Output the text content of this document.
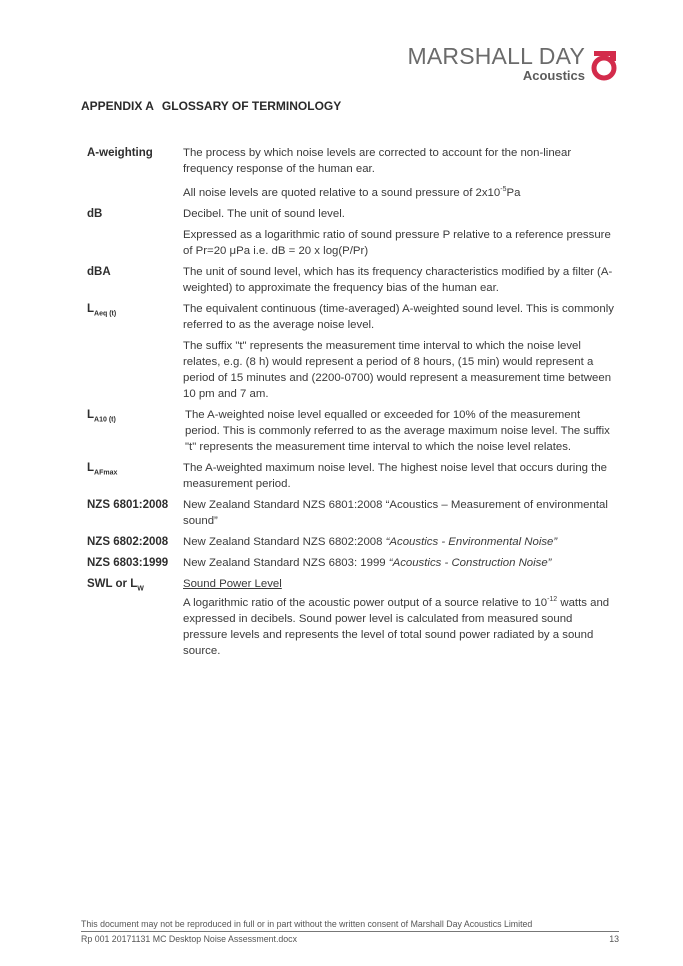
MARSHALL DAY
Acoustics
APPENDIX A GLOSSARY OF TERMINOLOGY
A-weighting	The process by which noise levels are corrected to account for the non-linear frequency response of the human ear.

All noise levels are quoted relative to a sound pressure of $2x10^{-5}Pa$

dB	Decibel. The unit of sound level.

Expressed as a logarithmic ratio of sound pressure P relative to a reference pressure of Pr=20 μPa i.e. dB = 20 x log(P/Pr)

dBA	The unit of sound level, which has its frequency characteristics modified by a filter (A-weighted) to approximate the frequency bias of the human ear.

$L_{Aeq (t)}$	The equivalent continuous (time-averaged) A-weighted sound level. This is commonly referred to as the average noise level.

The suffix "t" represents the measurement time interval to which the noise level relates, e.g. (8 h) would represent a period of 8 hours, (15 min) would represent a period of 15 minutes and (2200-0700) would represent a measurement time between 10 pm and 7 am.

$L_{A10 (t)}$	The A-weighted noise level equalled or exceeded for 10% of the measurement period. This is commonly referred to as the average maximum noise level. The suffix "t" represents the measurement time interval to which the noise level relates.

$L_{AFmax}$	The A-weighted maximum noise level. The highest noise level that occurs during the measurement period.

NZS 6801:2008	New Zealand Standard NZS 6801:2008 “Acoustics – Measurement of environmental sound”

NZS 6802:2008	New Zealand Standard NZS 6802:2008 “Acoustics - Environmental Noise”

NZS 6803:1999	New Zealand Standard NZS 6803: 1999 “Acoustics - Construction Noise”

SWL or $L_W$	Sound Power Level

A logarithmic ratio of the acoustic power output of a source relative to $10^{-12}$ watts and expressed in decibels. Sound power level is calculated from measured sound pressure levels and represents the level of total sound power radiated by a sound source.

This document may not be reproduced in full or in part without the written consent of Marshall Day Acoustics Limited
Rp 001 20171131 MC Desktop Noise Assessment.docx	13
